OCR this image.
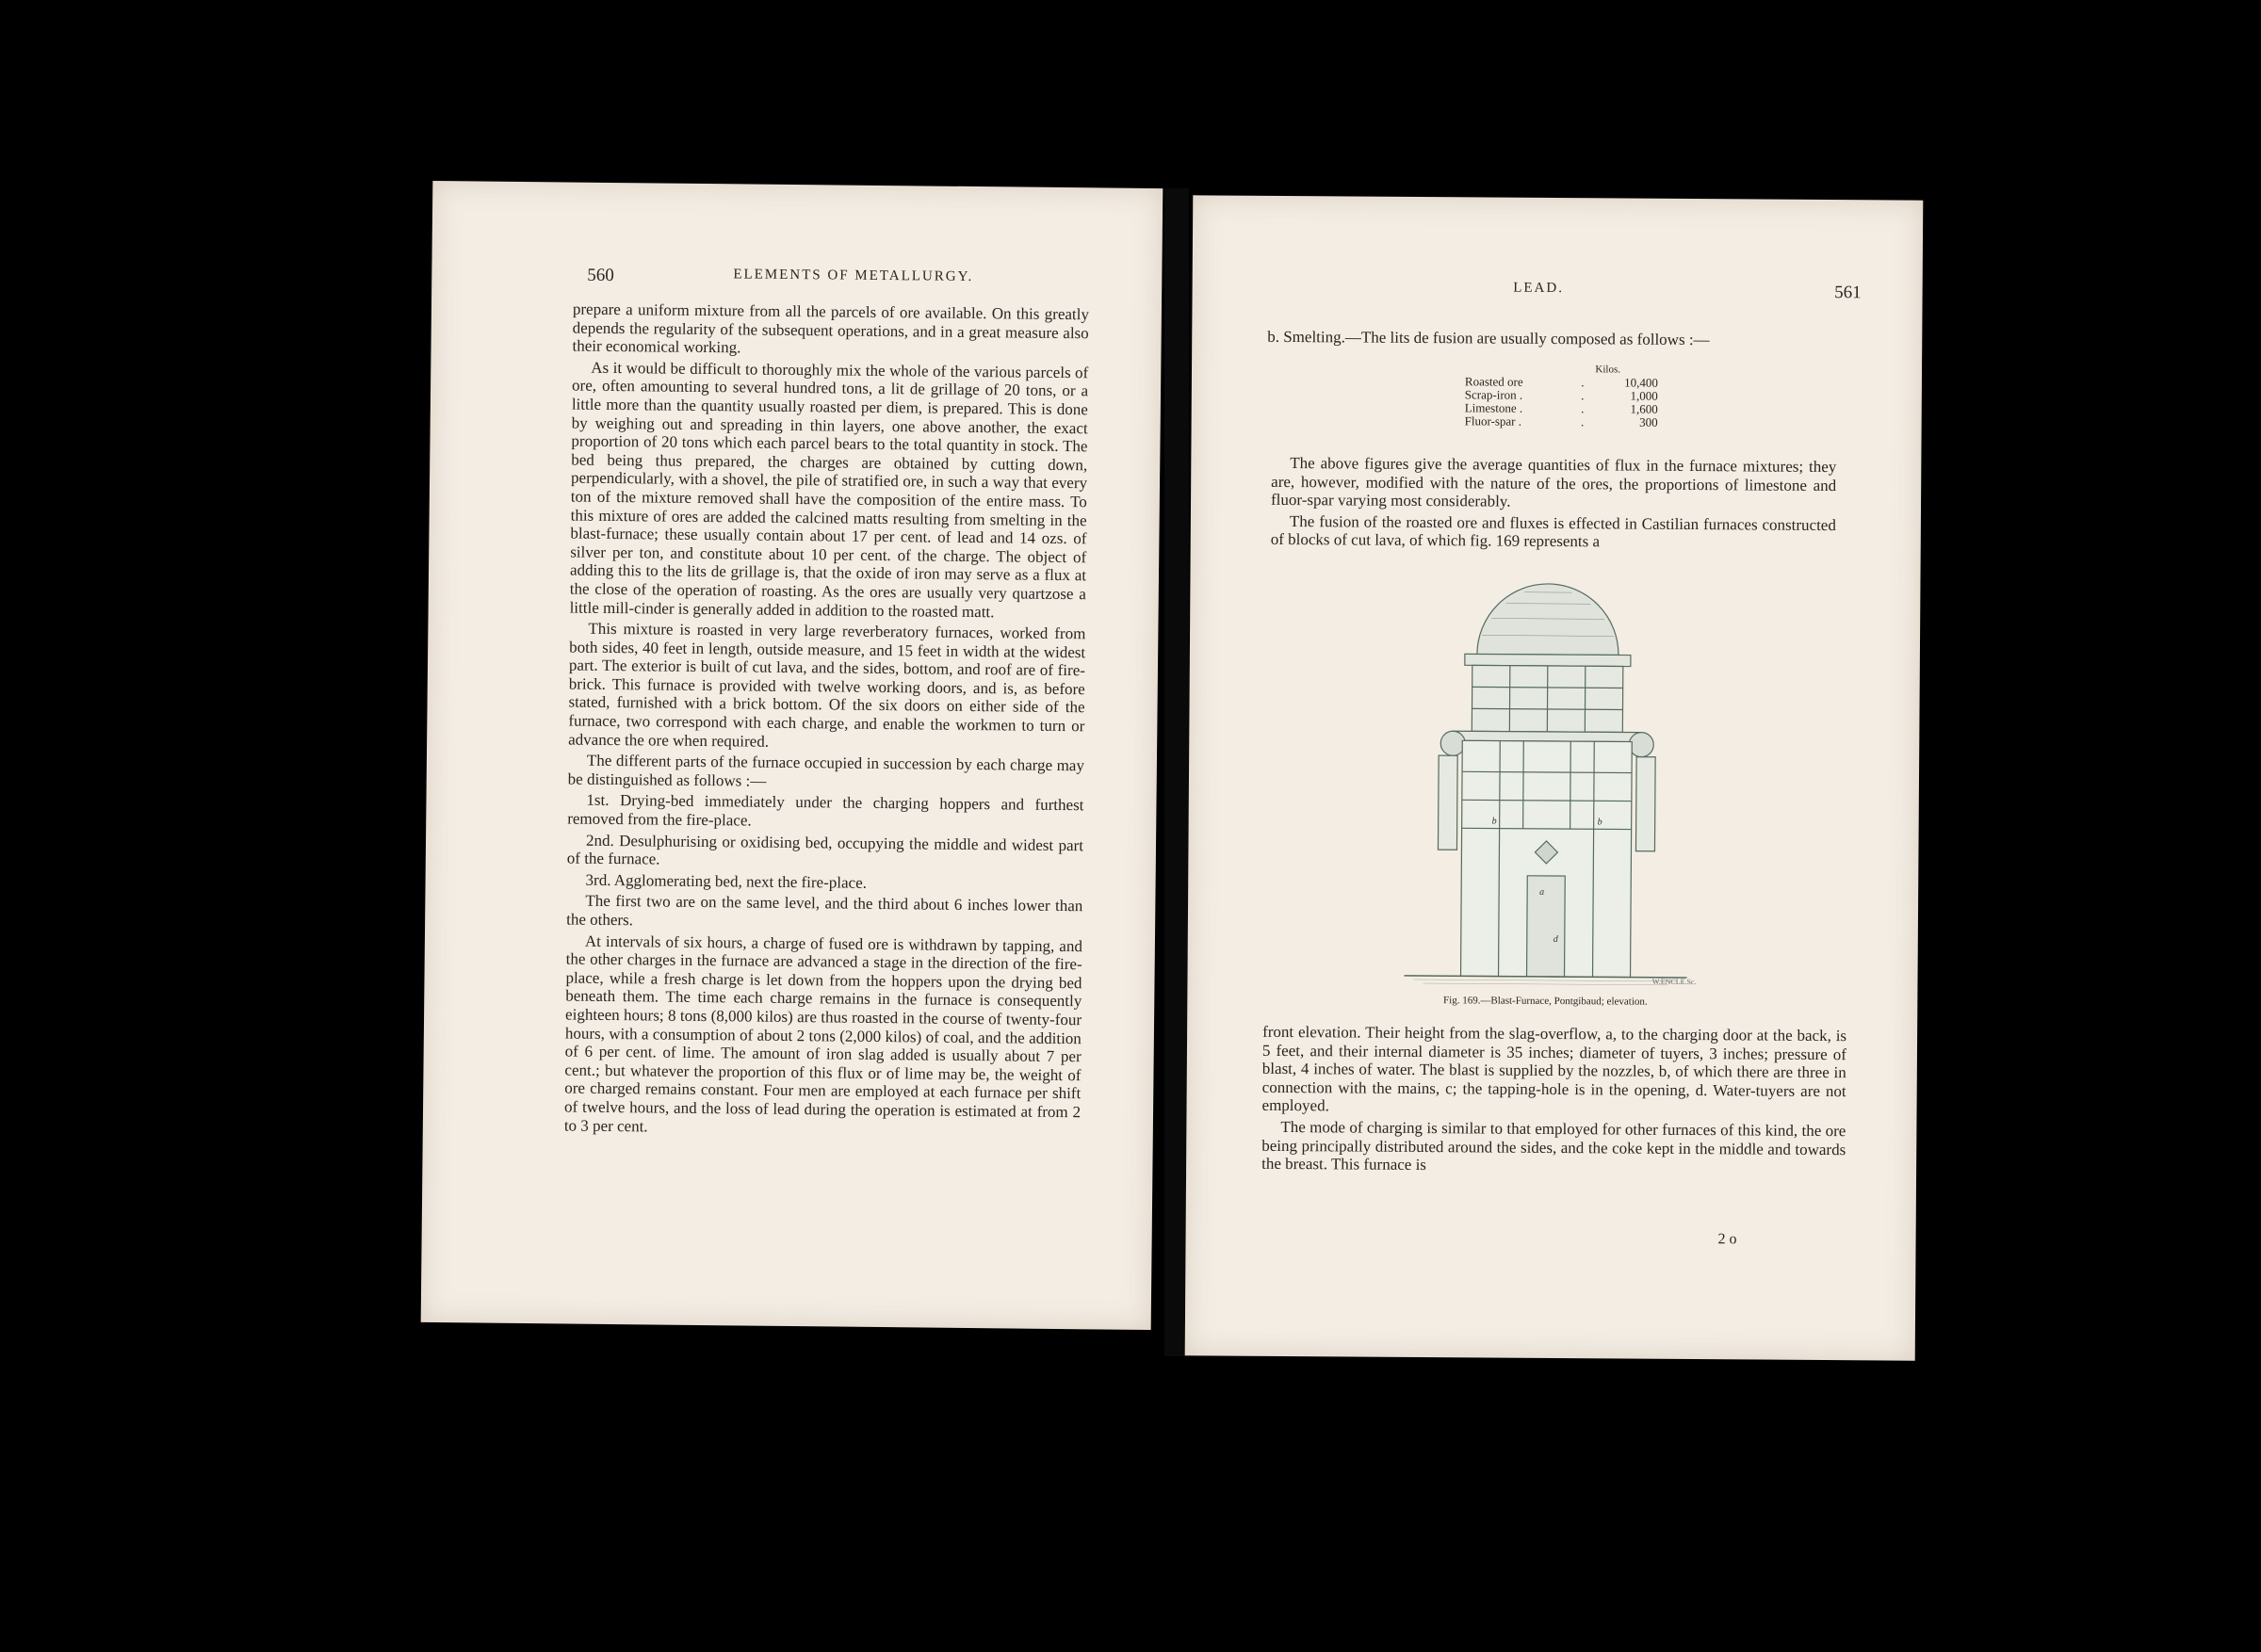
560	ELEMENTS OF METALLURGY.

prepare a uniform mixture from all the parcels of ore available. On this greatly depends the regularity of the subsequent operations, and in a great measure also their economical working.

As it would be difficult to thoroughly mix the whole of the various parcels of ore, often amounting to several hundred tons, a lit de grillage of 20 tons, or a little more than the quantity usually roasted per diem, is prepared. This is done by weighing out and spreading in thin layers, one above another, the exact proportion of 20 tons which each parcel bears to the total quantity in stock. The bed being thus prepared, the charges are obtained by cutting down, perpendicularly, with a shovel, the pile of stratified ore, in such a way that every ton of the mixture removed shall have the composition of the entire mass. To this mixture of ores are added the calcined matts resulting from smelting in the blast-furnace; these usually contain about 17 per cent. of lead and 14 ozs. of silver per ton, and constitute about 10 per cent. of the charge. The object of adding this to the lits de grillage is, that the oxide of iron may serve as a flux at the close of the operation of roasting. As the ores are usually very quartzose a little mill-cinder is generally added in addition to the roasted matt.

This mixture is roasted in very large reverberatory furnaces, worked from both sides, 40 feet in length, outside measure, and 15 feet in width at the widest part. The exterior is built of cut lava, and the sides, bottom, and roof are of fire-brick. This furnace is provided with twelve working doors, and is, as before stated, furnished with a brick bottom. Of the six doors on either side of the furnace, two correspond with each charge, and enable the workmen to turn or advance the ore when required.

The different parts of the furnace occupied in succession by each charge may be distinguished as follows :—

1st. Drying-bed immediately under the charging hoppers and furthest removed from the fire-place.

2nd. Desulphurising or oxidising bed, occupying the middle and widest part of the furnace.

3rd. Agglomerating bed, next the fire-place.

The first two are on the same level, and the third about 6 inches lower than the others.

At intervals of six hours, a charge of fused ore is withdrawn by tapping, and the other charges in the furnace are advanced a stage in the direction of the fire-place, while a fresh charge is let down from the hoppers upon the drying bed beneath them. The time each charge remains in the furnace is consequently eighteen hours; 8 tons (8,000 kilos) are thus roasted in the course of twenty-four hours, with a consumption of about 2 tons (2,000 kilos) of coal, and the addition of 6 per cent. of lime. The amount of iron slag added is usually about 7 per cent.; but whatever the proportion of this flux or of lime may be, the weight of ore charged remains constant. Four men are employed at each furnace per shift of twelve hours, and the loss of lead during the operation is estimated at from 2 to 3 per cent.

LEAD.	561
b. Smelting.—The lits de fusion are usually composed as follows :—
Kilos.
Roasted ore	.	10,400
Scrap-iron .	.	1,000
Limestone .	.	1,600
Fluor-spar .	.	300

The above figures give the average quantities of flux in the furnace mixtures; they are, however, modified with the nature of the ores, the proportions of limestone and fluor-spar varying most considerably.

The fusion of the roasted ore and fluxes is effected in Castilian furnaces constructed of blocks of cut lava, of which fig. 169 represents a

b	b
a
d
W.ENCLE.Sc.
Fig. 169.—Blast-Furnace, Pontgibaud; elevation.

front elevation. Their height from the slag-overflow, a, to the charging door at the back, is 5 feet, and their internal diameter is 35 inches; diameter of tuyers, 3 inches; pressure of blast, 4 inches of water. The blast is supplied by the nozzles, b, of which there are three in connection with the mains, c; the tapping-hole is in the opening, d. Water-tuyers are not employed.

The mode of charging is similar to that employed for other furnaces of this kind, the ore being principally distributed around the sides, and the coke kept in the middle and towards the breast. This furnace is

2 o
